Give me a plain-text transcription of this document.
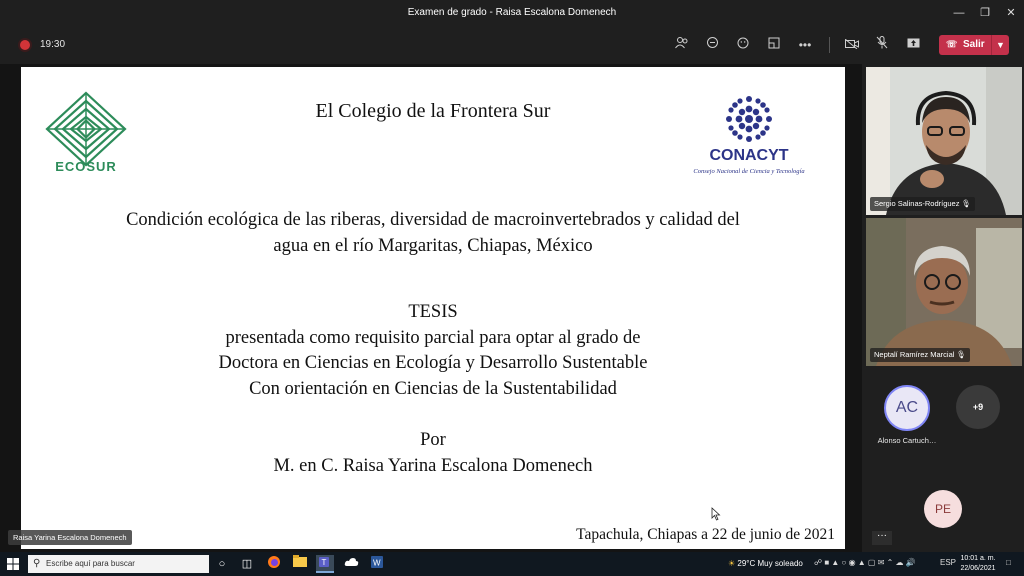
Examen de grado - Raisa Escalona Domenech	—	❐	✕
19:30	•••	☏ Salir	▼
ECOSUR
El Colegio de la Frontera Sur
CONACYT
Consejo Nacional de Ciencia y Tecnología
Condición ecológica de las riberas, diversidad de macroinvertebrados y calidad del
agua en el río Margaritas, Chiapas, México
TESIS
presentada como requisito parcial para optar al grado de
Doctora en Ciencias en Ecología y Desarrollo Sustentable
Con orientación en Ciencias de la Sustentabilidad
Por
M. en C. Raisa Yarina Escalona Domenech
Tapachula, Chiapas a 22 de junio de 2021
Raisa Yarina Escalona Domenech
Sergio Salinas-Rodríguez 🎙
Neptalí Ramírez Marcial 🎙
AC
Alonso Cartuch…
+9
PE
···
⚲ Escribe aquí para buscar	○	◫	T	W	☀ 29°C Muy soleado ☍ ■ ▲ ○ ◉ ▲ ▢ ✉ ⌃ ☁ 🔊	ESP 10:01 a. m.
22/06/2021
□
